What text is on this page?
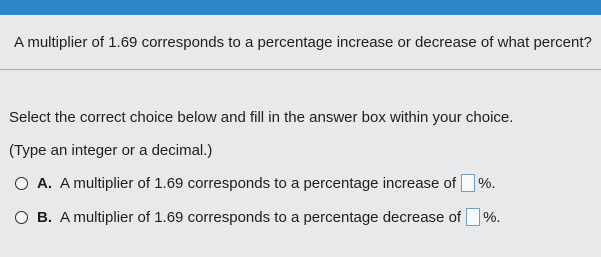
A multiplier of 1.69 corresponds to a percentage increase or decrease of what percent?
Select the correct choice below and fill in the answer box within your choice.
(Type an integer or a decimal.)
A. A multiplier of 1.69 corresponds to a percentage increase of %.
B. A multiplier of 1.69 corresponds to a percentage decrease of %.
